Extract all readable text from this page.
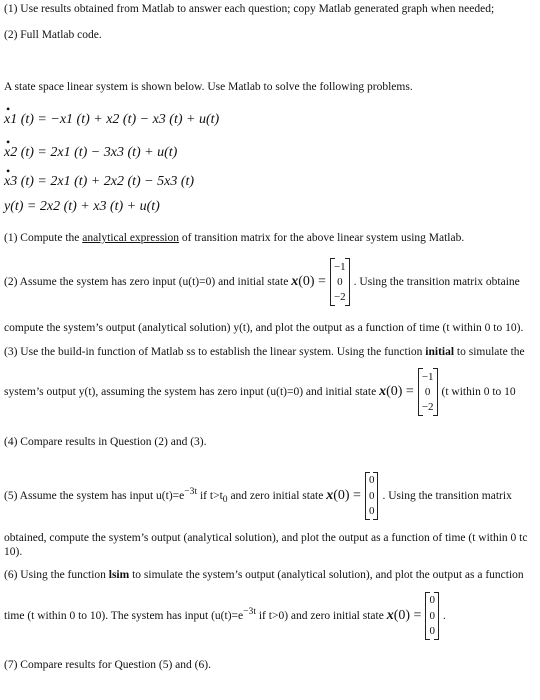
(1) Use results obtained from Matlab to answer each question; copy Matlab generated graph when needed;
(2) Full Matlab code.
A state space linear system is shown below. Use Matlab to solve the following problems.
•
x1 (t) = −x1 (t) + x2 (t) − x3 (t) + u(t)
•
x2 (t) = 2x1 (t) − 3x3 (t) + u(t)
•
x3 (t) = 2x1 (t) + 2x2 (t) − 5x3 (t)
y(t) = 2x2 (t) + x3 (t) + u(t)
(1) Compute the analytical expression of transition matrix for the above linear system using Matlab.
(2) Assume the system has zero input (u(t)=0) and initial state x(0) =
−1
0
−2
. Using the transition matrix obtaine
compute the system’s output (analytical solution) y(t), and plot the output as a function of time (t within 0 to 10).
(3) Use the build-in function of Matlab ss to establish the linear system. Using the function initial to simulate the
system’s output y(t), assuming the system has zero input (u(t)=0) and initial state x(0) =
−1
0
−2
(t within 0 to 10
(4) Compare results in Question (2) and (3).
(5) Assume the system has input $u(t)=e^{-3t}$ if $t>t_0$ and zero initial state x(0) =
0
0
0
. Using the transition matrix
obtained, compute the system’s output (analytical solution), and plot the output as a function of time (t within 0 tc
10).
(6) Using the function lsim to simulate the system’s output (analytical solution), and plot the output as a function
time (t within 0 to 10). The system has input ($u(t)=e^{-3t}$ if t>0) and zero initial state x(0) =
0
0
0
.
(7) Compare results for Question (5) and (6).
